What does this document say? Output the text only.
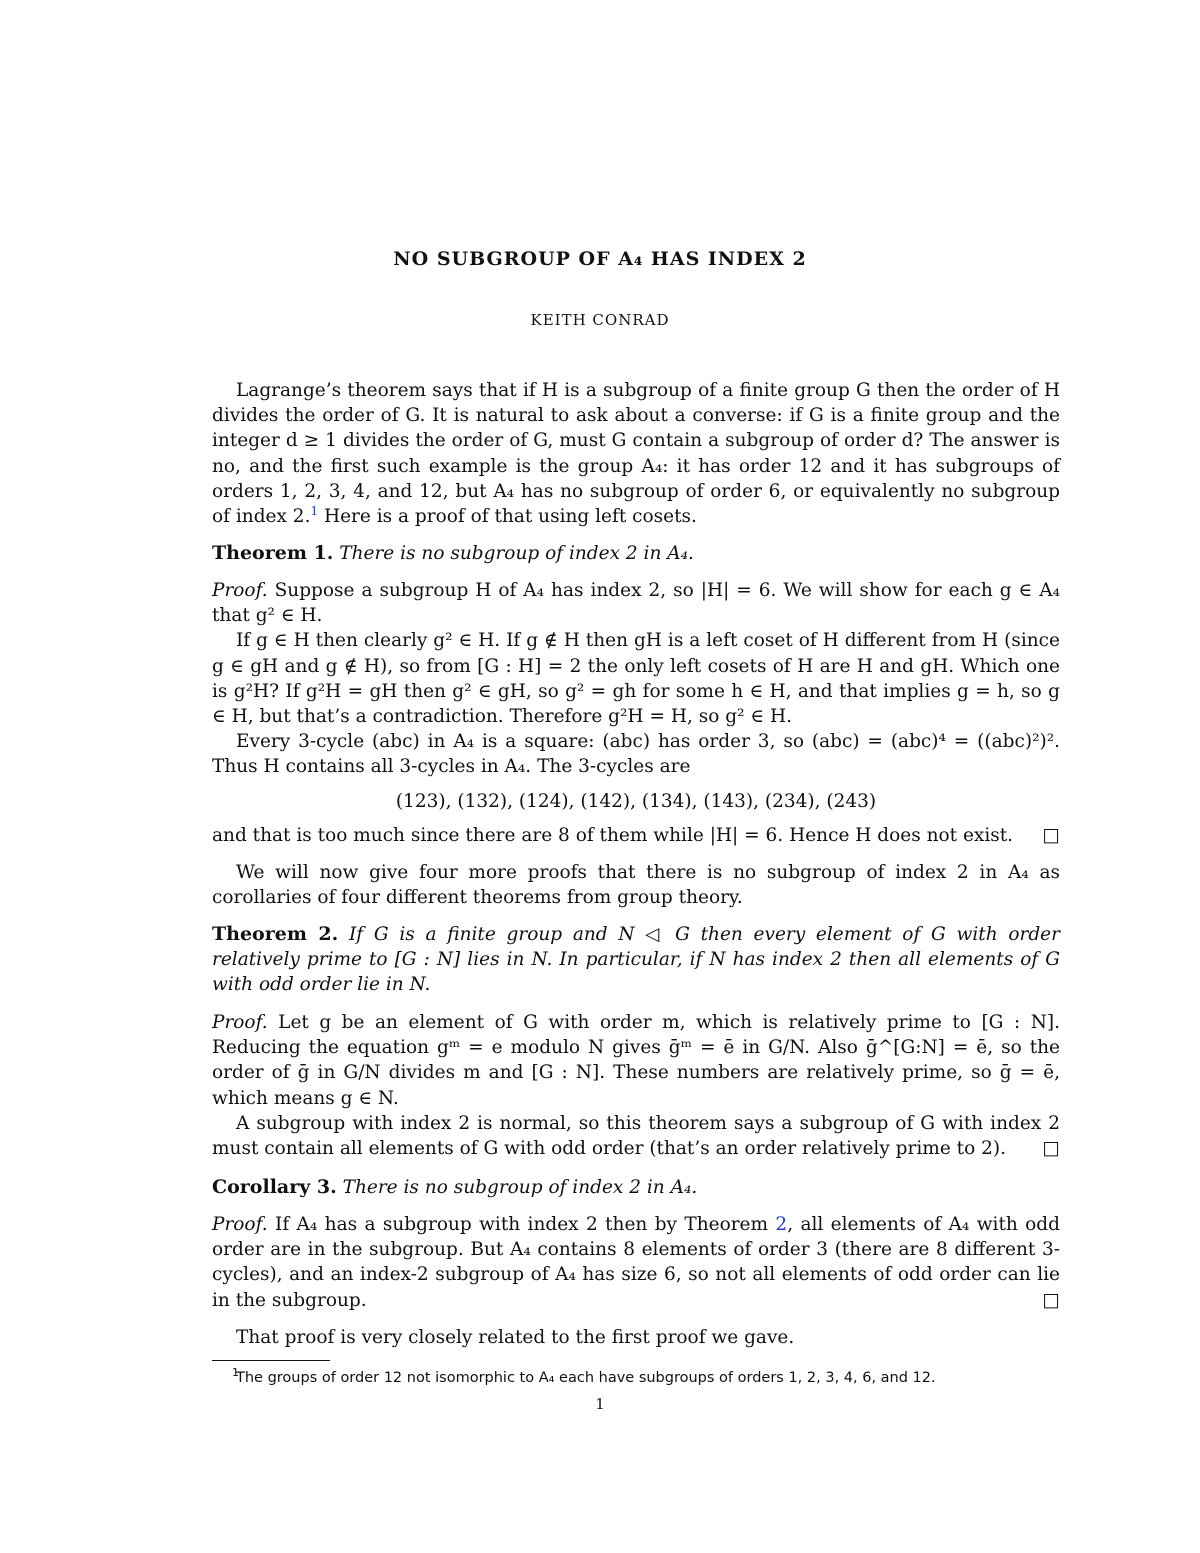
NO SUBGROUP OF A₄ HAS INDEX 2
KEITH CONRAD

Lagrange’s theorem says that if H is a subgroup of a finite group G then the order of H divides the order of G. It is natural to ask about a converse: if G is a finite group and the integer d ≥ 1 divides the order of G, must G contain a subgroup of order d? The answer is no, and the first such example is the group A₄: it has order 12 and it has subgroups of orders 1, 2, 3, 4, and 12, but A₄ has no subgroup of order 6, or equivalently no subgroup of index 2.$^1$ Here is a proof of that using left cosets.

Theorem 1. There is no subgroup of index 2 in A₄.

Proof. Suppose a subgroup H of A₄ has index 2, so |H| = 6. We will show for each g ∈ A₄ that g² ∈ H.

If g ∈ H then clearly g² ∈ H. If g ∉ H then gH is a left coset of H different from H (since g ∈ gH and g ∉ H), so from [G : H] = 2 the only left cosets of H are H and gH. Which one is g²H? If g²H = gH then g² ∈ gH, so g² = gh for some h ∈ H, and that implies g = h, so g ∈ H, but that’s a contradiction. Therefore g²H = H, so g² ∈ H.

Every 3-cycle (abc) in A₄ is a square: (abc) has order 3, so (abc) = (abc)⁴ = ((abc)²)². Thus H contains all 3-cycles in A₄. The 3-cycles are

(123), (132), (124), (142), (134), (143), (234), (243)

and that is too much since there are 8 of them while |H| = 6. Hence H does not exist. □

We will now give four more proofs that there is no subgroup of index 2 in A₄ as corollaries of four different theorems from group theory.

Theorem 2. If G is a finite group and N ◁ G then every element of G with order relatively prime to [G : N] lies in N. In particular, if N has index 2 then all elements of G with odd order lie in N.

Proof. Let g be an element of G with order m, which is relatively prime to [G : N]. Reducing the equation gᵐ = e modulo N gives ḡᵐ = ē in G/N. Also ḡ^[G:N] = ē, so the order of ḡ in G/N divides m and [G : N]. These numbers are relatively prime, so ḡ = ē, which means g ∈ N.

A subgroup with index 2 is normal, so this theorem says a subgroup of G with index 2 must contain all elements of G with odd order (that’s an order relatively prime to 2).	□

Corollary 3. There is no subgroup of index 2 in A₄.

Proof. If A₄ has a subgroup with index 2 then by Theorem 2, all elements of A₄ with odd order are in the subgroup. But A₄ contains 8 elements of order 3 (there are 8 different 3-cycles), and an index-2 subgroup of A₄ has size 6, so not all elements of odd order can lie in the subgroup.	□

That proof is very closely related to the first proof we gave.

1
The groups of order 12 not isomorphic to A₄ each have subgroups of orders 1, 2, 3, 4, 6, and 12.
1
